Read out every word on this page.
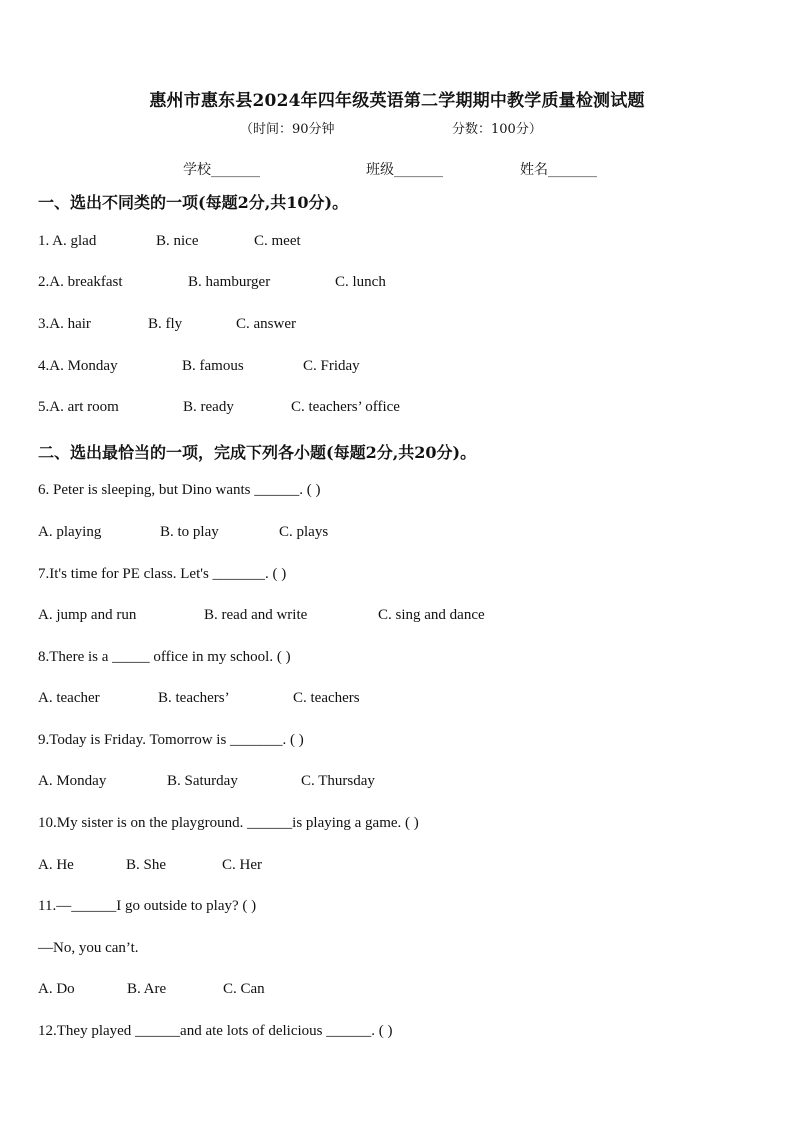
惠州市惠东县2024年四年级英语第二学期期中教学质量检测试题
（时间：90分钟	分数：100分）
学校_______	班级_______	姓名_______
一、选出不同类的一项(每题2分,共10分)。
1. A. glad	B. nice	C. meet
2.A. breakfast	B. hamburger	C. lunch
3.A. hair	B. fly	C. answer
4.A. Monday	B. famous	C. Friday
5.A. art room	B. ready	C. teachers’ office
二、选出最恰当的一项，完成下列各小题(每题2分,共20分)。
6. Peter is sleeping, but Dino wants ______. ( )
A. playing	B. to play	C. plays
7.It's time for PE class. Let's _______. ( )
A. jump and run	B. read and write	C. sing and dance
8.There is a _____ office in my school. ( )
A. teacher	B. teachers’	C. teachers
9.Today is Friday. Tomorrow is _______. ( )
A. Monday	B. Saturday	C. Thursday
10.My sister is on the playground. ______is playing a game. ( )
A. He	B. She	C. Her
11.—______I go outside to play? ( )
—No, you can’t.
A. Do	B. Are	C. Can
12.They played ______and ate lots of delicious ______. ( )
